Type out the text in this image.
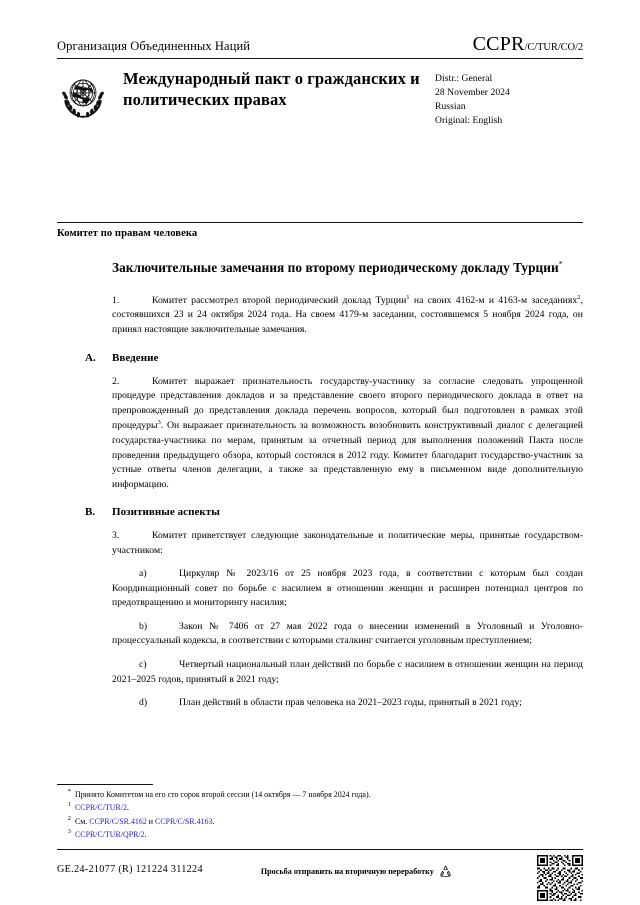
Организация Объединенных Наций	CCPR/C/TUR/CO/2
Международный пакт о гражданских и политических правах
Distr.: General
28 November 2024
Russian
Original: English
Комитет по правам человека
Заключительные замечания по второму периодическому докладу Турции*

1.	Комитет рассмотрел второй периодический доклад Турции$^1$ на своих 4162-м и 4163-м заседаниях$^2$, состоявшихся 23 и 24 октября 2024 года. На своем 4179-м заседании, состоявшемся 5 ноября 2024 года, он принял настоящие заключительные замечания.

A.	Введение

2.	Комитет выражает признательность государству-участнику за согласие следовать упрощенной процедуре представления докладов и за представление своего второго периодического доклада в ответ на препровожденный до представления доклада перечень вопросов, который был подготовлен в рамках этой процедуры$^3$. Он выражает признательность за возможность возобновить конструктивный диалог с делегацией государства-участника по мерам, принятым за отчетный период для выполнения положений Пакта после проведения предыдущего обзора, который состоялся в 2012 году. Комитет благодарит государство-участник за устные ответы членов делегации, а также за представленную ему в письменном виде дополнительную информацию.

B.	Позитивные аспекты

3.	Комитет приветствует следующие законодательные и политические меры, принятые государством-участником:

a)	Циркуляр № 2023/16 от 25 ноября 2023 года, в соответствии с которым был создан Координационный совет по борьбе с насилием в отношении женщин и расширен потенциал центров по предотвращению и мониторингу насилия;

b)	Закон № 7406 от 27 мая 2022 года о внесении изменений в Уголовный и Уголовно-процессуальный кодексы, в соответствии с которыми сталкинг считается уголовным преступлением;

c)	Четвертый национальный план действий по борьбе с насилием в отношении женщин на период 2021–2025 годов, принятый в 2021 году;

d)	План действий в области прав человека на 2021–2023 годы, принятый в 2021 году;

* Принято Комитетом на его сто сорок второй сессии (14 октября — 7 ноября 2024 года).
1 CCPR/C/TUR/2.
2 См. CCPR/C/SR.4162 и CCPR/C/SR.4163.
3 CCPR/C/TUR/QPR/2.
GE.24-21077 (R) 121224 311224	Просьба отправить на вторичную переработку
